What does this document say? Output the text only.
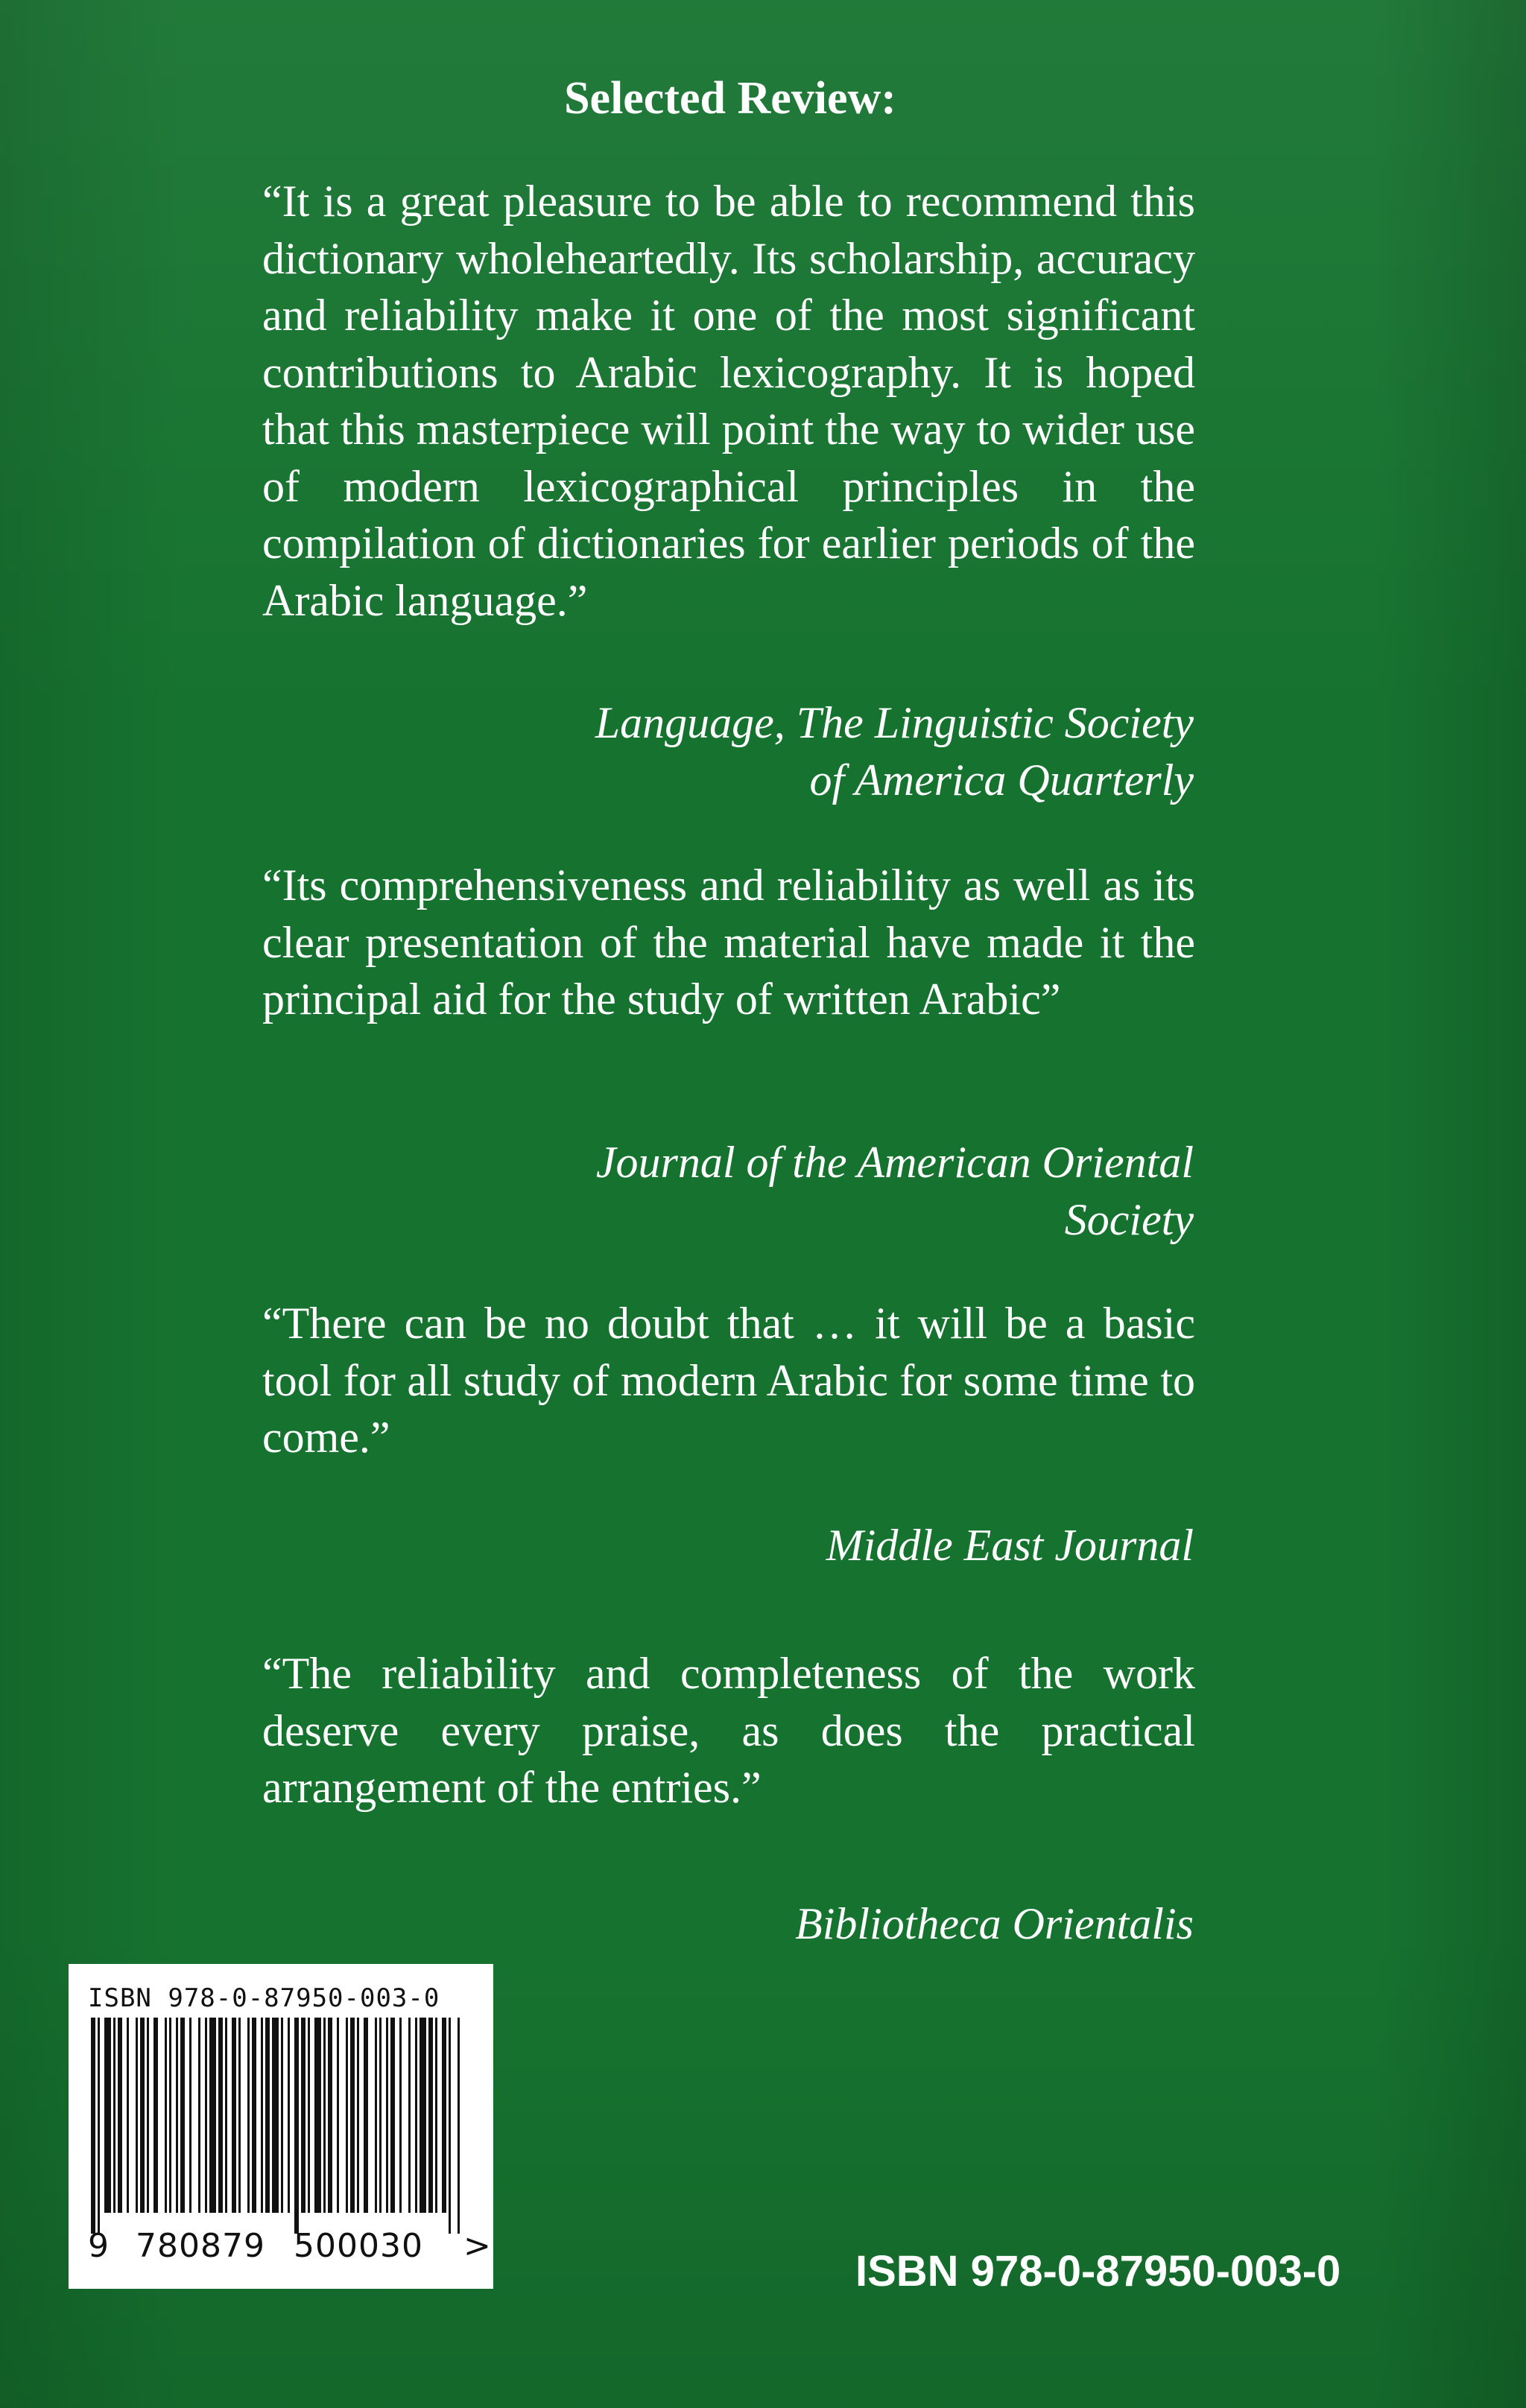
Selected Review:
“It is a great pleasure to be able to recommend this dictionary wholeheartedly. Its scholarship, accuracy and reliability make it one of the most significant contributions to Arabic lexicography. It is hoped that this masterpiece will point the way to wider use of modern lexicographical principles in the compilation of dictionaries for earlier periods of the Arabic language.”
Language, The Linguistic Society
of America Quarterly
“Its comprehensiveness and reliability as well as its clear presentation of the material have made it the principal aid for the study of written Arabic”
Journal of the American Oriental
Society
“There can be no doubt that … it will be a basic tool for all study of modern Arabic for some time to come.”
Middle East Journal
“The reliability and completeness of the work deserve every praise, as does the practical arrangement of the entries.”
Bibliotheca Orientalis
ISBN 978-0-87950-003-0
9 780879 500030 >
ISBN 978-0-87950-003-0
